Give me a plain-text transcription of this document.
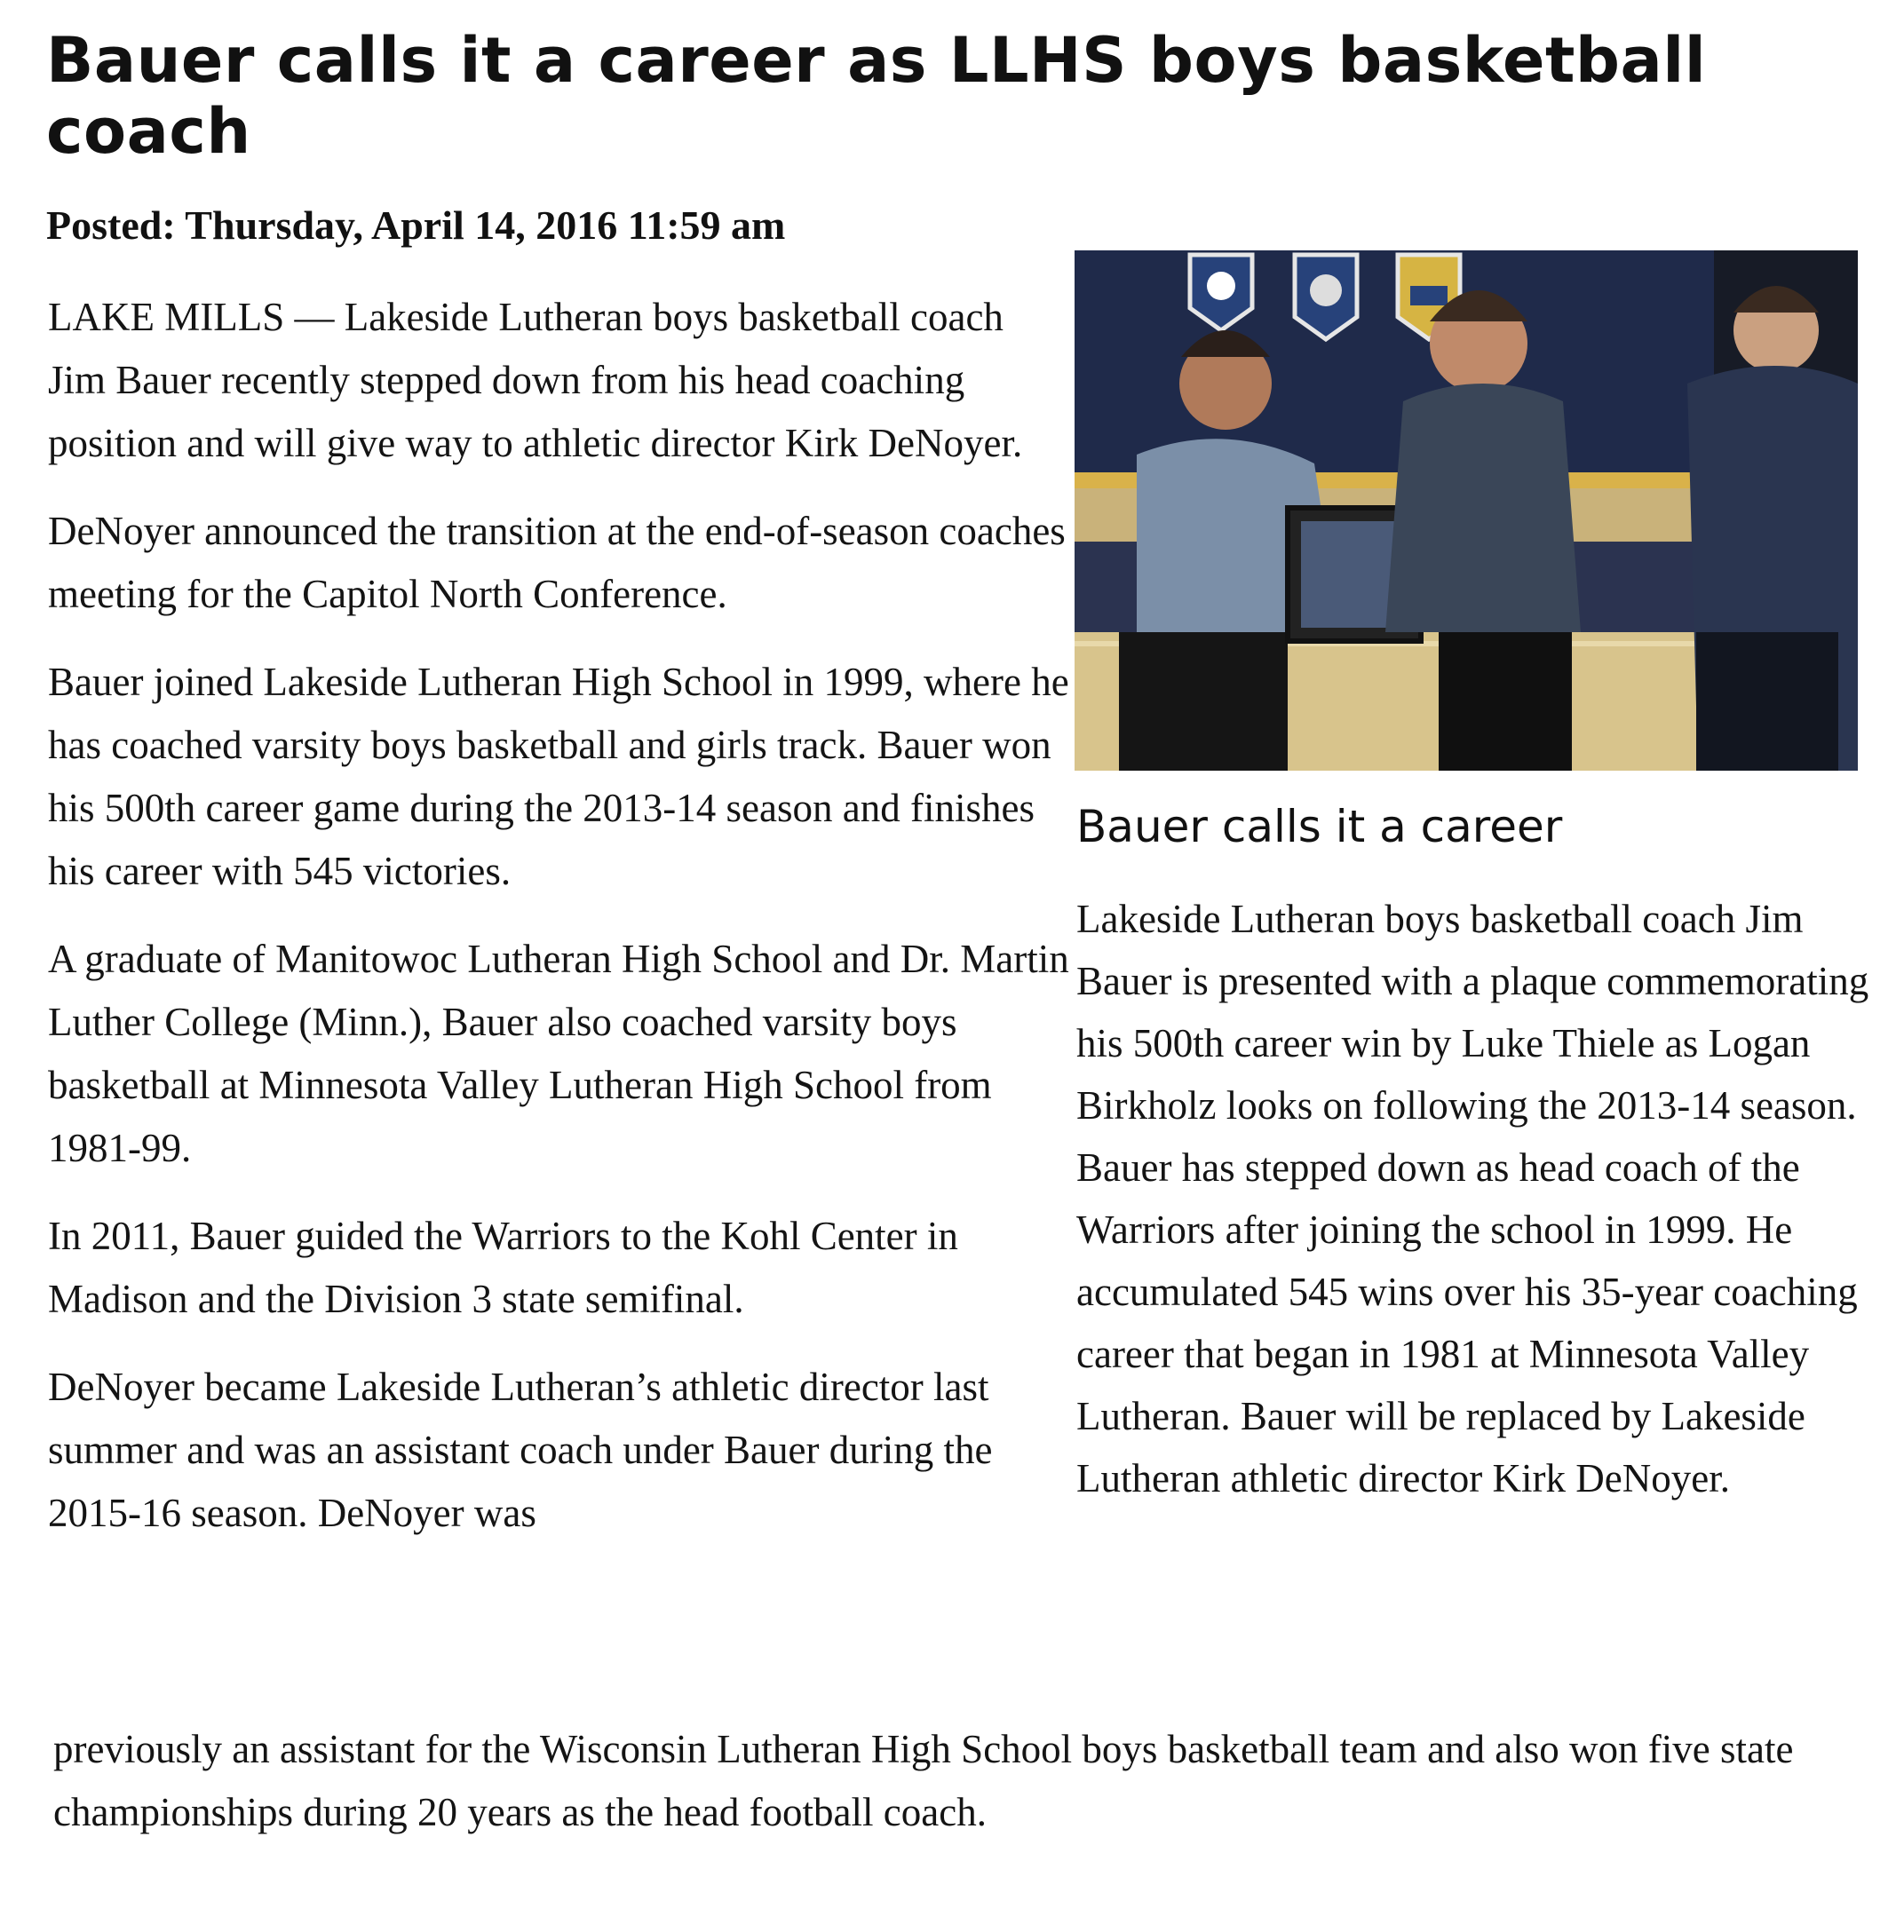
Bauer calls it a career as LLHS boys basketball coach
Posted: Thursday, April 14, 2016 11:59 am

LAKE MILLS — Lakeside Lutheran boys basketball coach Jim Bauer recently stepped down from his head coaching position and will give way to athletic director Kirk DeNoyer.

DeNoyer announced the transition at the end-of-season coaches meeting for the Capitol North Conference.

Bauer joined Lakeside Lutheran High School in 1999, where he has coached varsity boys basketball and girls track. Bauer won his 500th career game during the 2013-14 season and finishes his career with 545 victories.

A graduate of Manitowoc Lutheran High School and Dr. Martin Luther College (Minn.), Bauer also coached varsity boys basketball at Minnesota Valley Lutheran High School from 1981-99.

In 2011, Bauer guided the Warriors to the Kohl Center in Madison and the Division 3 state semifinal.

DeNoyer became Lakeside Lutheran’s athletic director last summer and was an assistant coach under Bauer during the 2015-16 season. DeNoyer was

previously an assistant for the Wisconsin Lutheran High School boys basketball team and also won five state championships during 20 years as the head football coach.

Bauer calls it a career

Lakeside Lutheran boys basketball coach Jim Bauer is presented with a plaque commemorating his 500th career win by Luke Thiele as Logan Birkholz looks on following the 2013-14 season. Bauer has stepped down as head coach of the Warriors after joining the school in 1999. He accumulated 545 wins over his 35-year coaching career that began in 1981 at Minnesota Valley Lutheran. Bauer will be replaced by Lakeside Lutheran athletic director Kirk DeNoyer.
